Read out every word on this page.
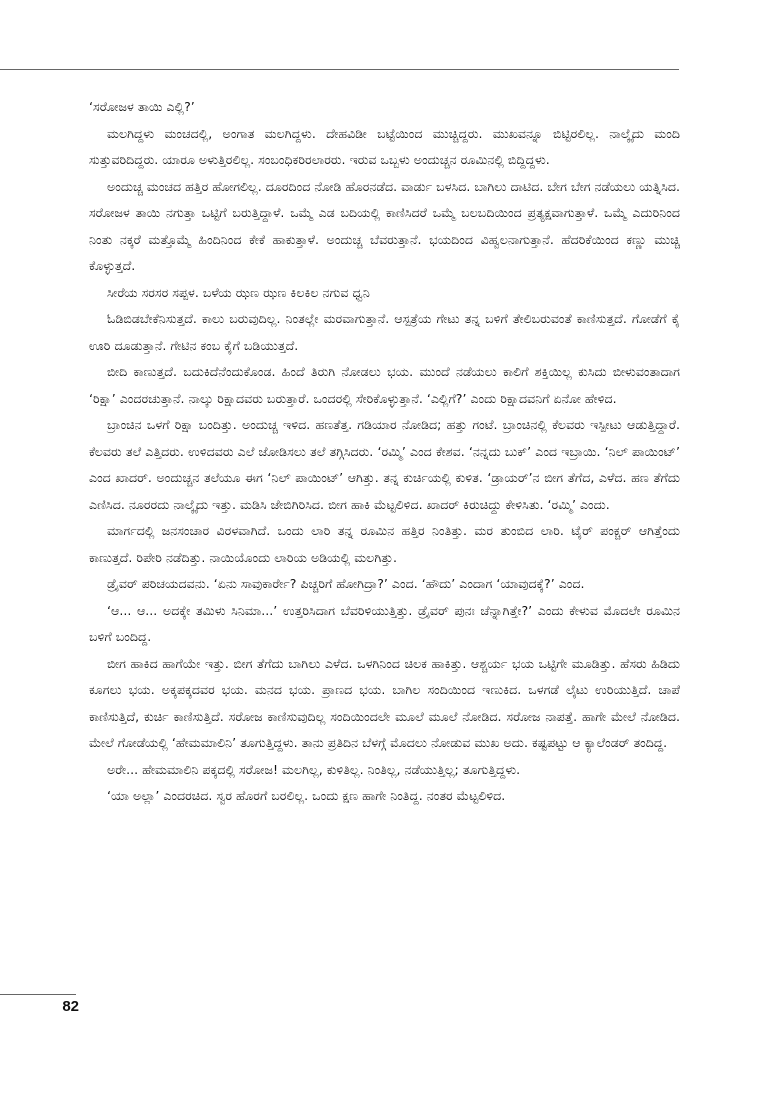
‘ಸರೋಜಳ ತಾಯಿ ಎಲ್ಲಿ?’

ಮಲಗಿದ್ದಳು ಮಂಚದಲ್ಲಿ, ಅಂಗಾತ ಮಲಗಿದ್ದಳು. ದೇಹವಿಡೀ ಬಟ್ಟೆಯಿಂದ ಮುಚ್ಚಿದ್ದರು. ಮುಖವನ್ನೂ ಬಿಟ್ಟಿರಲಿಲ್ಲ. ನಾಲ್ಕೈದು ಮಂದಿ ಸುತ್ತುವರಿದಿದ್ದರು. ಯಾರೂ ಅಳುತ್ತಿರಲಿಲ್ಲ. ಸಂಬಂಧಿಕರಿರಲಾರರು. ಇರುವ ಒಬ್ಬಳು ಅಂದುಚ್ಚನ ರೂಮಿನಲ್ಲಿ ಬಿದ್ದಿದ್ದಳು.

ಅಂದುಚ್ಚ ಮಂಚದ ಹತ್ತಿರ ಹೋಗಲಿಲ್ಲ. ದೂರದಿಂದ ನೋಡಿ ಹೊರನಡೆದ. ವಾರ್ಡು ಬಳಸಿದ. ಬಾಗಿಲು ದಾಟಿದ. ಬೇಗ ಬೇಗ ನಡೆಯಲು ಯತ್ನಿಸಿದ. ಸರೋಜಳ ತಾಯಿ ನಗುತ್ತಾ ಒಟ್ಟಿಗೆ ಬರುತ್ತಿದ್ದಾಳೆ. ಒಮ್ಮೆ ಎಡ ಬದಿಯಲ್ಲಿ ಕಾಣಿಸಿದರೆ ಒಮ್ಮೆ ಬಲಬದಿಯಿಂದ ಪ್ರತ್ಯಕ್ಷವಾಗುತ್ತಾಳೆ. ಒಮ್ಮೆ ಎದುರಿನಿಂದ ನಿಂತು ನಕ್ಕರೆ ಮತ್ತೊಮ್ಮೆ ಹಿಂದಿನಿಂದ ಕೇಕೆ ಹಾಕುತ್ತಾಳೆ. ಅಂದುಚ್ಚ ಬೆವರುತ್ತಾನೆ. ಭಯದಿಂದ ವಿಹ್ವಲನಾಗುತ್ತಾನೆ. ಹೆದರಿಕೆಯಿಂದ ಕಣ್ಣು ಮುಚ್ಚಿ ಕೊಳ್ಳುತ್ತದೆ.

ಸೀರೆಯ ಸರಸರ ಸಪ್ಪಳ. ಬಳೆಯ ಝಣ ಝಣ ಕಿಲಕಿಲ ನಗುವ ಧ್ವನಿ

ಓಡಿಬಿಡಬೇಕೆನಿಸುತ್ತದೆ. ಕಾಲು ಬರುವುದಿಲ್ಲ. ನಿಂತಲ್ಲೇ ಮರವಾಗುತ್ತಾನೆ. ಆಸ್ಪತ್ರೆಯ ಗೇಟು ತನ್ನ ಬಳಿಗೆ ತೇಲಿಬರುವಂತೆ ಕಾಣಿಸುತ್ತದೆ. ಗೋಡೆಗೆ ಕೈ ಊರಿ ದೂಡುತ್ತಾನೆ. ಗೇಟಿನ ಕಂಬ ಕೈಗೆ ಬಡಿಯುತ್ತದೆ.

ಬೀದಿ ಕಾಣುತ್ತದೆ. ಬದುಕಿದೆನೆಂದುಕೊಂಡ. ಹಿಂದೆ ತಿರುಗಿ ನೋಡಲು ಭಯ. ಮುಂದೆ ನಡೆಯಲು ಕಾಲಿಗೆ ಶಕ್ತಿಯಿಲ್ಲ ಕುಸಿದು ಬೀಳುವಂತಾದಾಗ ‘ರಿಕ್ಷಾ’ ಎಂದರಚುತ್ತಾನೆ. ನಾಲ್ಕು ರಿಕ್ಷಾದವರು ಬರುತ್ತಾರೆ. ಒಂದರಲ್ಲಿ ಸೇರಿಕೊಳ್ಳುತ್ತಾನೆ. ‘ಎಲ್ಲಿಗೆ?’ ಎಂದು ರಿಕ್ಷಾದವನಿಗೆ ಏನೋ ಹೇಳಿದ.

ಬ್ರಾಂಚಿನ ಒಳಗೆ ರಿಕ್ಷಾ ಬಂದಿತ್ತು. ಅಂದುಚ್ಚ ಇಳಿದ. ಹಣತೆತ್ತ. ಗಡಿಯಾರ ನೋಡಿದ; ಹತ್ತು ಗಂಟೆ. ಬ್ರಾಂಚಿನಲ್ಲಿ ಕೆಲವರು ಇಸ್ಪೀಟು ಆಡುತ್ತಿದ್ದಾರೆ. ಕೆಲವರು ತಲೆ ಎತ್ತಿದರು. ಉಳಿದವರು ಎಲೆ ಜೋಡಿಸಲು ತಲೆ ತಗ್ಗಿಸಿದರು. ‘ರಮ್ಮಿ’ ಎಂದ ಕೇಶವ. ‘ನನ್ನದು ಬುಕ್’ ಎಂದ ಇಬ್ರಾಯಿ. ‘ನಿಲ್ ಪಾಯಿಂಟ್’ ಎಂದ ಖಾದರ್. ಅಂದುಚ್ಚನ ತಲೆಯೂ ಈಗ ‘ನಿಲ್ ಪಾಯಿಂಟ್’ ಆಗಿತ್ತು. ತನ್ನ ಕುರ್ಚಿಯಲ್ಲಿ ಕುಳಿತ. ‘ಡ್ರಾಯರ್’ನ ಬೀಗ ತೆಗೆದ, ಎಳೆದ. ಹಣ ತೆಗೆದು ಎಣಿಸಿದ. ನೂರರದು ನಾಲ್ಕೈದು ಇತ್ತು. ಮಡಿಸಿ ಜೇಬಿಗಿರಿಸಿದ. ಬೀಗ ಹಾಕಿ ಮೆಟ್ಟಲಿಳಿದ. ಖಾದರ್ ಕಿರುಚಿದ್ದು ಕೇಳಿಸಿತು. ‘ರಮ್ಮಿ’ ಎಂದು.

ಮಾರ್ಗದಲ್ಲಿ ಜನಸಂಚಾರ ವಿರಳವಾಗಿದೆ. ಒಂದು ಲಾರಿ ತನ್ನ ರೂಮಿನ ಹತ್ತಿರ ನಿಂತಿತ್ತು. ಮರ ತುಂಬಿದ ಲಾರಿ. ಟೈರ್ ಪಂಕ್ಚರ್ ಆಗಿತ್ತೆಂದು ಕಾಣುತ್ತದೆ. ರಿಪೇರಿ ನಡೆದಿತ್ತು. ನಾಯಿಯೊಂದು ಲಾರಿಯ ಅಡಿಯಲ್ಲಿ ಮಲಗಿತ್ತು.

ಡ್ರೈವರ್ ಪರಿಚಯದವನು. ‘ಏನು ಸಾವುಕಾರ್ರೇ? ಪಿಚ್ಚರಿಗೆ ಹೋಗಿದ್ರಾ?’ ಎಂದ. ‘ಹೌದು’ ಎಂದಾಗ ‘ಯಾವುದಕ್ಕೆ?’ ಎಂದ.

‘ಆ... ಆ... ಅದಕ್ಕೇ ತಮಿಳು ಸಿನಿಮಾ...’ ಉತ್ತರಿಸಿದಾಗ ಬೆವರಿಳಿಯುತ್ತಿತ್ತು. ಡ್ರೈವರ್ ಪುನಃ ಚೆನ್ನಾಗಿತ್ತೇ?’ ಎಂದು ಕೇಳುವ ಮೊದಲೇ ರೂಮಿನ ಬಳಿಗೆ ಬಂದಿದ್ದ.

ಬೀಗ ಹಾಕಿದ ಹಾಗೆಯೇ ಇತ್ತು. ಬೀಗ ತೆಗೆದು ಬಾಗಿಲು ಎಳೆದ. ಒಳಗಿನಿಂದ ಚಿಲಕ ಹಾಕಿತ್ತು. ಆಶ್ಚರ್ಯ ಭಯ ಒಟ್ಟಿಗೇ ಮೂಡಿತ್ತು. ಹೆಸರು ಹಿಡಿದು ಕೂಗಲು ಭಯ. ಅಕ್ಕಪಕ್ಕದವರ ಭಯ. ಮನದ ಭಯ. ಪ್ರಾಣದ ಭಯ. ಬಾಗಿಲ ಸಂದಿಯಿಂದ ಇಣುಕಿದ. ಒಳಗಡೆ ಲೈಟು ಉರಿಯುತ್ತಿದೆ. ಚಾಪೆ ಕಾಣಿಸುತ್ತಿದೆ, ಕುರ್ಚಿ ಕಾಣಿಸುತ್ತಿದೆ. ಸರೋಜ ಕಾಣಿಸುವುದಿಲ್ಲ ಸಂದಿಯಿಂದಲೇ ಮೂಲೆ ಮೂಲೆ ನೋಡಿದ. ಸರೋಜ ನಾಪತ್ತೆ. ಹಾಗೇ ಮೇಲೆ ನೋಡಿದ. ಮೇಲೆ ಗೋಡೆಯಲ್ಲಿ ‘ಹೇಮಮಾಲಿನಿ’ ತೂಗುತ್ತಿದ್ದಳು. ತಾನು ಪ್ರತಿದಿನ ಬೆಳಗ್ಗೆ ಮೊದಲು ನೋಡುವ ಮುಖ ಅದು. ಕಷ್ಟಪಟ್ಟು ಆ ಕ್ಯಾಲೆಂಡರ್ ತಂದಿದ್ದ.

ಅರೇ... ಹೇಮಮಾಲಿನಿ ಪಕ್ಕದಲ್ಲಿ ಸರೋಜ! ಮಲಗಿಲ್ಲ, ಕುಳಿತಿಲ್ಲ. ನಿಂತಿಲ್ಲ, ನಡೆಯುತ್ತಿಲ್ಲ; ತೂಗುತ್ತಿದ್ದಳು.

‘ಯಾ ಅಲ್ಲಾ’ ಎಂದರಚಿದ. ಸ್ವರ ಹೊರಗೆ ಬರಲಿಲ್ಲ. ಒಂದು ಕ್ಷಣ ಹಾಗೇ ನಿಂತಿದ್ದ. ನಂತರ ಮೆಟ್ಟಲಿಳಿದ.

82
